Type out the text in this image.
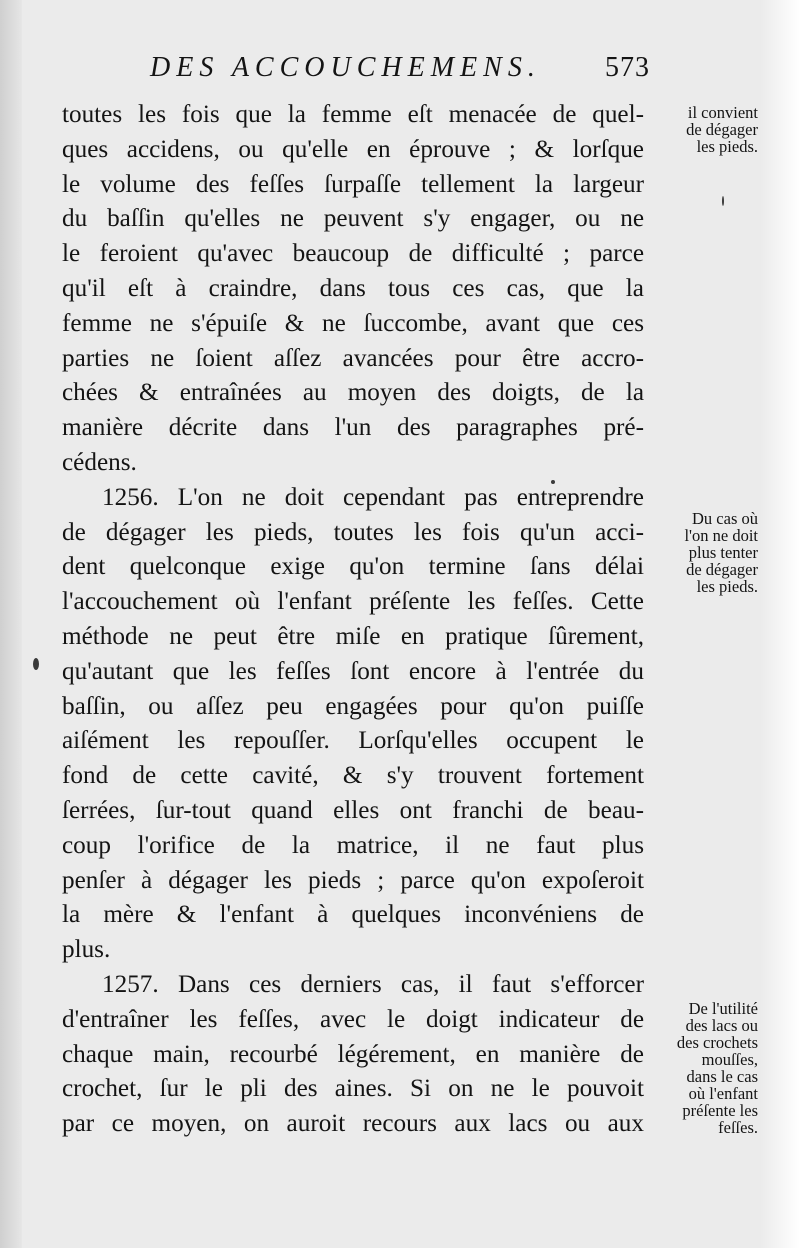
DES ACCOUCHEMENS. 573
toutes les fois que la femme eſt menacée de quel-
ques accidens, ou qu'elle en éprouve ; & lorſque
le volume des feſſes ſurpaſſe tellement la largeur
du baſſin qu'elles ne peuvent s'y engager, ou ne
le feroient qu'avec beaucoup de difficulté ; parce
qu'il eſt à craindre, dans tous ces cas, que la
femme ne s'épuiſe & ne ſuccombe, avant que ces
parties ne ſoient aſſez avancées pour être accro-
chées & entraînées au moyen des doigts, de la
manière décrite dans l'un des paragraphes pré-
cédens.
1256. L'on ne doit cependant pas entreprendre
de dégager les pieds, toutes les fois qu'un acci-
dent quelconque exige qu'on termine ſans délai
l'accouchement où l'enfant préſente les feſſes. Cette
méthode ne peut être miſe en pratique ſûrement,
qu'autant que les feſſes ſont encore à l'entrée du
baſſin, ou aſſez peu engagées pour qu'on puiſſe
aiſément les repouſſer. Lorſqu'elles occupent le
fond de cette cavité, & s'y trouvent fortement
ſerrées, ſur-tout quand elles ont franchi de beau-
coup l'orifice de la matrice, il ne faut plus
penſer à dégager les pieds ; parce qu'on expoſeroit
la mère & l'enfant à quelques inconvéniens de
plus.
1257. Dans ces derniers cas, il faut s'efforcer
d'entraîner les feſſes, avec le doigt indicateur de
chaque main, recourbé légérement, en manière de
crochet, ſur le pli des aines. Si on ne le pouvoit
par ce moyen, on auroit recours aux lacs ou aux
il convient
de dégager
les pieds.
Du cas où
l'on ne doit
plus tenter
de dégager
les pieds.
De l'utilité
des lacs ou
des crochets
mouſſes,
dans le cas
où l'enfant
préſente les
feſſes.
